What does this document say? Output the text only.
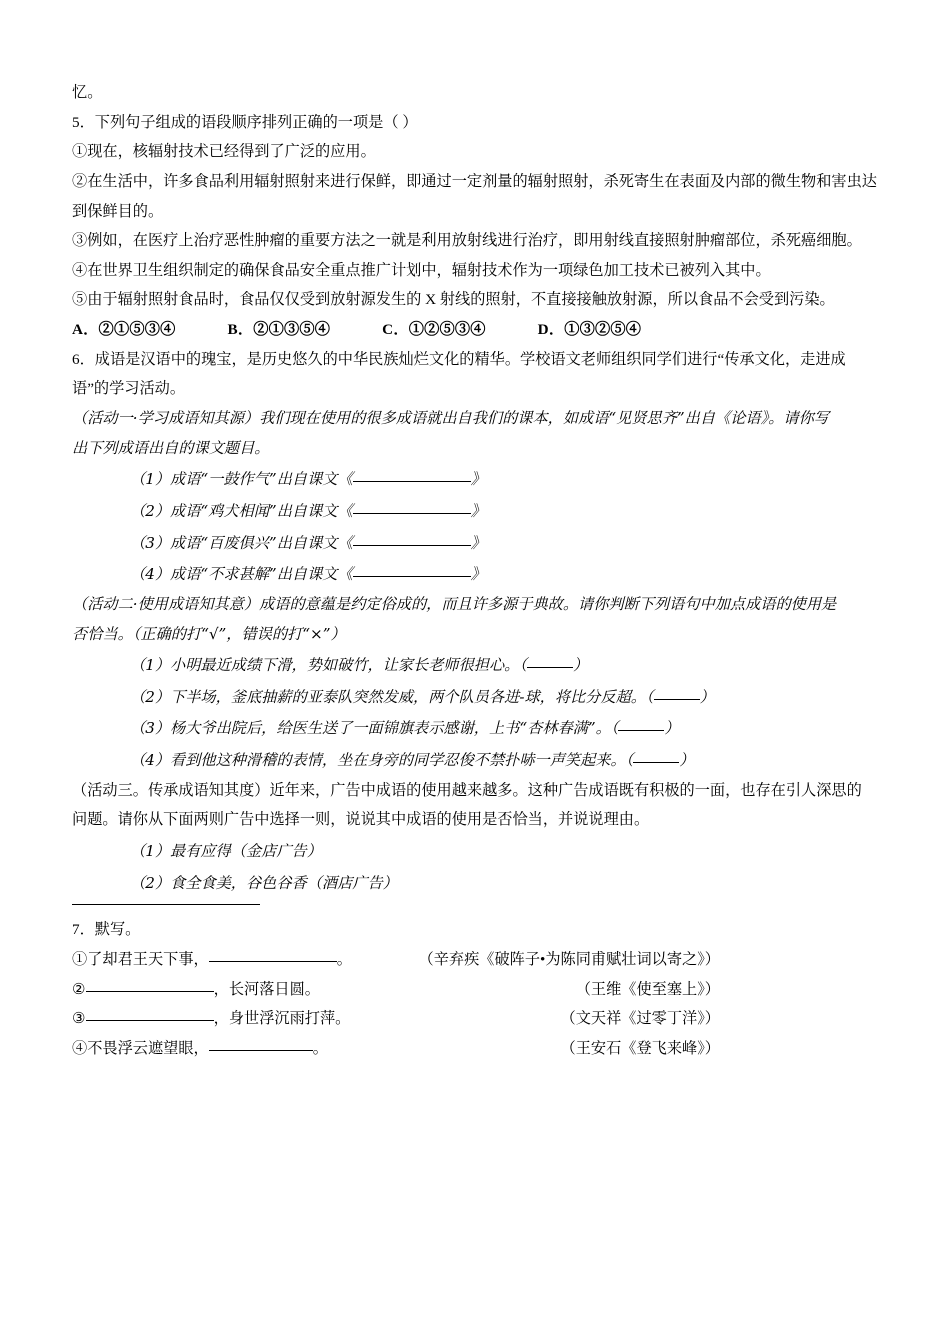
忆。
5．下列句子组成的语段顺序排列正确的一项是（ ）
①现在，核辐射技术已经得到了广泛的应用。
②在生活中，许多食品利用辐射照射来进行保鲜，即通过一定剂量的辐射照射，杀死寄生在表面及内部的微生物和害虫达到保鲜目的。
③例如，在医疗上治疗恶性肿瘤的重要方法之一就是利用放射线进行治疗，即用射线直接照射肿瘤部位，杀死癌细胞。
④在世界卫生组织制定的确保食品安全重点推广计划中，辐射技术作为一项绿色加工技术已被列入其中。
⑤由于辐射照射食品时，食品仅仅受到放射源发生的 X 射线的照射，不直接接触放射源，所以食品不会受到污染。
A．②①⑤③④	B．②①③⑤④	C．①②⑤③④	D．①③②⑤④
6．成语是汉语中的瑰宝，是历史悠久的中华民族灿烂文化的精华。学校语文老师组织同学们进行“传承文化，走进成
语”的学习活动。
（活动一·学习成语知其源）我们现在使用的很多成语就出自我们的课本，如成语“见贤思齐”出自《论语》。请你写
出下列成语出自的课文题目。
（1）成语“一鼓作气”出自课文《	》
（2）成语“鸡犬相闻”出自课文《	》
（3）成语“百废俱兴”出自课文《	》
（4）成语“不求甚解”出自课文《	》
（活动二·使用成语知其意）成语的意蕴是约定俗成的，而且许多源于典故。请你判断下列语句中加点成语的使用是
否恰当。（正确的打“√”，错误的打“×”）
（1）小明最近成绩下滑，势如破竹，让家长老师很担心。（	）
（2）下半场，釜底抽薪的亚泰队突然发威，两个队员各进-球，将比分反超。（	）
（3）杨大爷出院后，给医生送了一面锦旗表示感谢，上书“杏林春满”。（	）
（4）看到他这种滑稽的表情，坐在身旁的同学忍俊不禁扑哧一声笑起来。（	）
（活动三。传承成语知其度）近年来，广告中成语的使用越来越多。这种广告成语既有积极的一面，也存在引人深思的
问题。请你从下面两则广告中选择一则，说说其中成语的使用是否恰当，并说说理由。
（1）最有应得（金店广告）
（2）食全食美，谷色谷香（酒店广告）
7．默写。
①了却君王天下事，	。	（辛弃疾《破阵子•为陈同甫赋壮词以寄之》）
②	，长河落日圆。	（王维《使至塞上》）
③	，身世浮沉雨打萍。	（文天祥《过零丁洋》）
④不畏浮云遮望眼，	。	（王安石《登飞来峰》）
